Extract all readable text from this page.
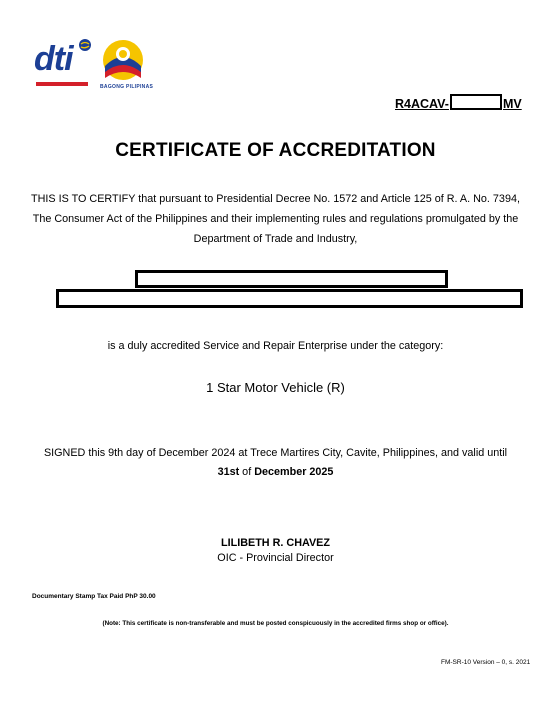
dti
BAGONG PILIPINAS
R4ACAV-	MV
CERTIFICATE OF ACCREDITATION
THIS IS TO CERTIFY that pursuant to Presidential Decree No. 1572 and Article 125 of R. A. No. 7394,
The Consumer Act of the Philippines and their implementing rules and regulations promulgated by the
Department of Trade and Industry,
is a duly accredited Service and Repair Enterprise under the category:
1 Star Motor Vehicle (R)
SIGNED this 9th day of December 2024 at Trece Martires City, Cavite, Philippines, and valid until
31st of December 2025
LILIBETH R. CHAVEZ
OIC - Provincial Director
Documentary Stamp Tax Paid PhP 30.00
(Note: This certificate is non-transferable and must be posted conspicuously in the accredited firms shop or office).
FM-SR-10 Version – 0, s. 2021
